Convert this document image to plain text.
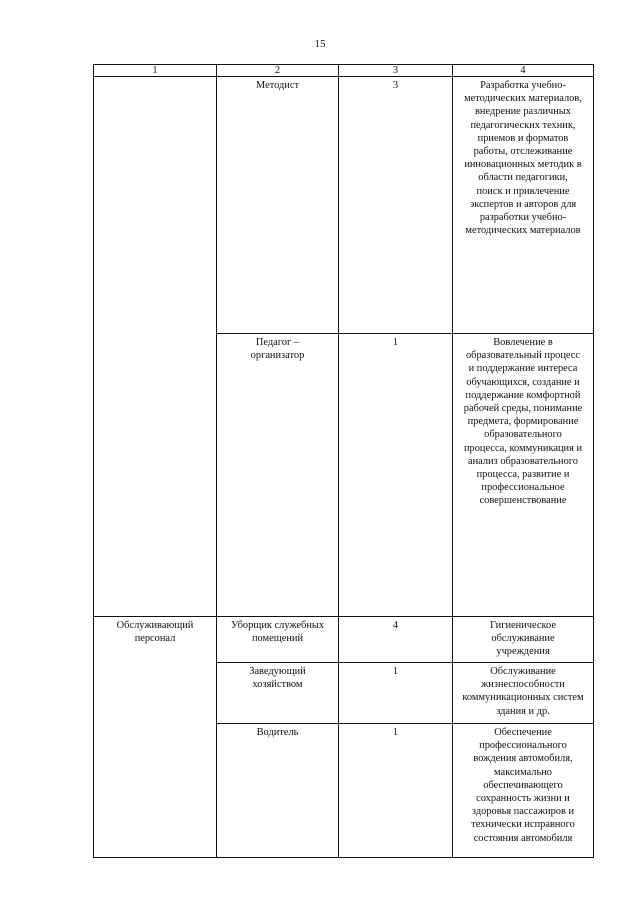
15
1	2	3	4
	Методист	3	Разработка учебно-методических материалов, внедрение различных педагогических техник, приемов и форматов работы, отслеживание инновационных методик в области педагогики, поиск и привлечение экспертов и авторов для разработки учебно-методических материалов

	Педагог – организатор	1	Вовлечение в образовательный процесс и поддержание интереса обучающихся, создание и поддержание комфортной рабочей среды, понимание предмета, формирование образовательного процесса, коммуникация и анализ образовательного процесса, развитие и профессиональное совершенствование

Обслуживающий персонал	Уборщик служебных помещений	4	Гигиеническое обслуживание учреждения

	Заведующий хозяйством	1	Обслуживание жизнеспособности коммуникационных систем здания и др.

	Водитель	1	Обеспечение профессионального вождения автомобиля, максимально обеспечивающего сохранность жизни и здоровья пассажиров и технически исправного состояния автомобиля
